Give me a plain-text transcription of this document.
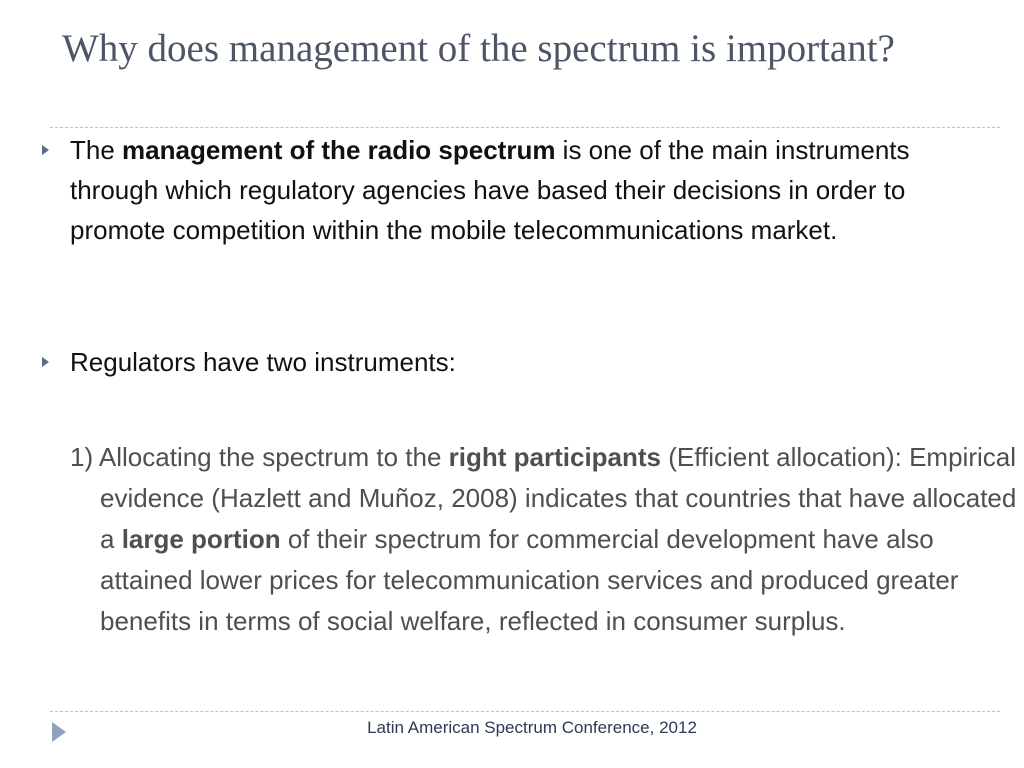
Why does management of the spectrum is important?

The management of the radio spectrum is one of the main instruments through which regulatory agencies have based their decisions in order to promote competition within the mobile telecommunications market.

Regulators have two instruments:

1) Allocating the spectrum to the right participants (Efficient allocation): Empirical evidence (Hazlett and Muñoz, 2008) indicates that countries that have allocated a large portion of their spectrum for commercial development have also attained lower prices for telecommunication services and produced greater benefits in terms of social welfare, reflected in consumer surplus.

Latin American Spectrum Conference, 2012
